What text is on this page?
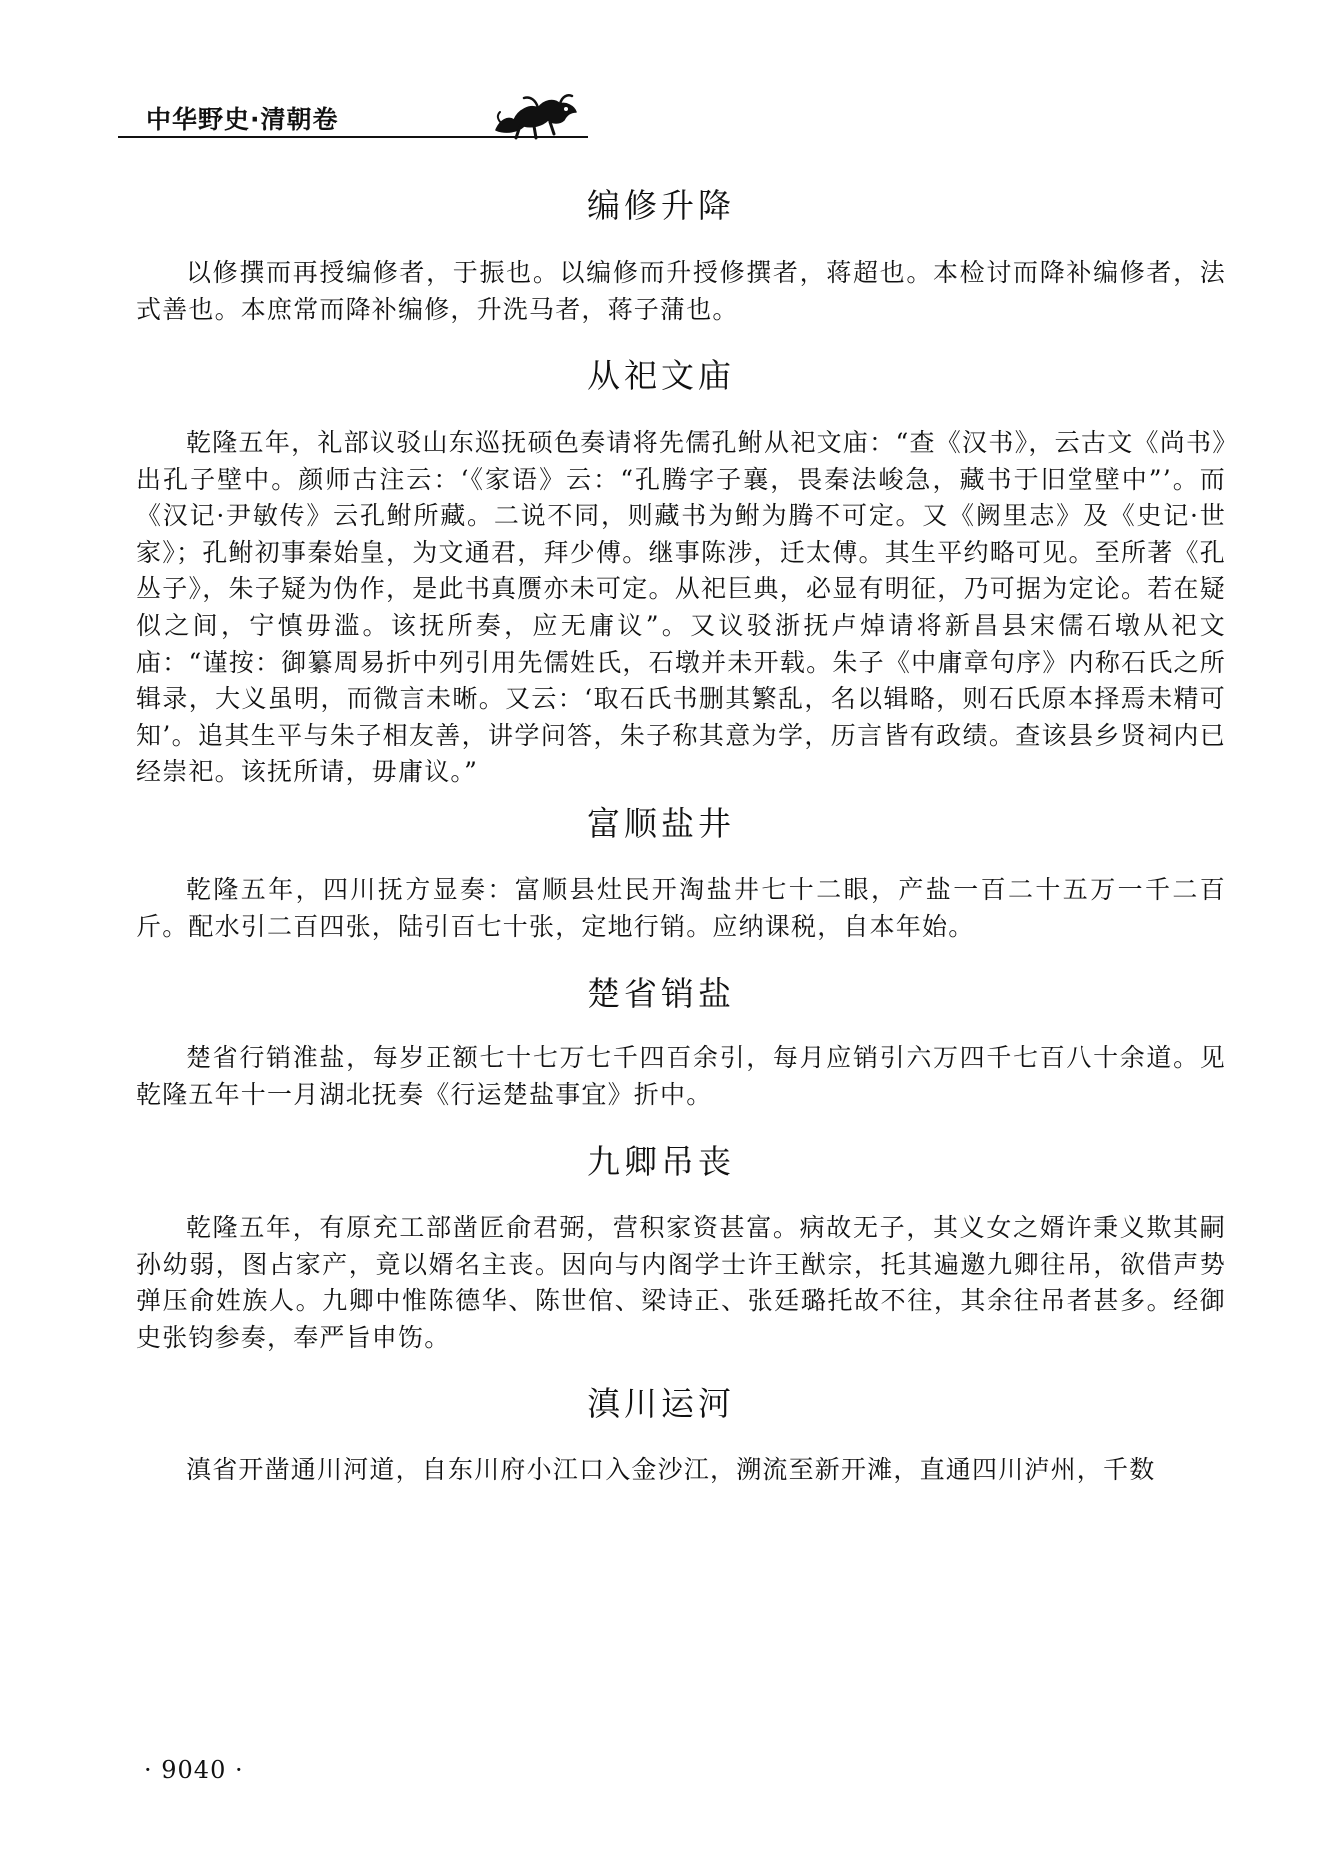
中华野史·清朝卷
编修升降

以修撰而再授编修者，于振也。以编修而升授修撰者，蒋超也。本检讨而降补编修者，法式善也。本庶常而降补编修，升洗马者，蒋子蒲也。

从祀文庙

乾隆五年，礼部议驳山东巡抚硕色奏请将先儒孔鲋从祀文庙：“查《汉书》，云古文《尚书》出孔子壁中。颜师古注云：‘《家语》云：“孔腾字子襄，畏秦法峻急，藏书于旧堂壁中”’。而《汉记·尹敏传》云孔鲋所藏。二说不同，则藏书为鲋为腾不可定。又《阙里志》及《史记·世家》；孔鲋初事秦始皇，为文通君，拜少傅。继事陈涉，迁太傅。其生平约略可见。至所著《孔丛子》，朱子疑为伪作，是此书真赝亦未可定。从祀巨典，必显有明征，乃可据为定论。若在疑似之间，宁慎毋滥。该抚所奏，应无庸议”。又议驳浙抚卢焯请将新昌县宋儒石墩从祀文庙：“谨按：御纂周易折中列引用先儒姓氏，石墩并未开载。朱子《中庸章句序》内称石氏之所辑录，大义虽明，而微言未晰。又云：‘取石氏书删其繁乱，名以辑略，则石氏原本择焉未精可知’。追其生平与朱子相友善，讲学问答，朱子称其意为学，历言皆有政绩。查该县乡贤祠内已经崇祀。该抚所请，毋庸议。”

富顺盐井

乾隆五年，四川抚方显奏：富顺县灶民开淘盐井七十二眼，产盐一百二十五万一千二百斤。配水引二百四张，陆引百七十张，定地行销。应纳课税，自本年始。

楚省销盐

楚省行销淮盐，每岁正额七十七万七千四百余引，每月应销引六万四千七百八十余道。见乾隆五年十一月湖北抚奏《行运楚盐事宜》折中。

九卿吊丧

乾隆五年，有原充工部凿匠俞君弼，营积家资甚富。病故无子，其义女之婿许秉义欺其嗣孙幼弱，图占家产，竟以婿名主丧。因向与内阁学士许王猷宗，托其遍邀九卿往吊，欲借声势弹压俞姓族人。九卿中惟陈德华、陈世倌、梁诗正、张廷璐托故不往，其余往吊者甚多。经御史张钧参奏，奉严旨申饬。

滇川运河

滇省开凿通川河道，自东川府小江口入金沙江，溯流至新开滩，直通四川泸州，千数

· 9040 ·
